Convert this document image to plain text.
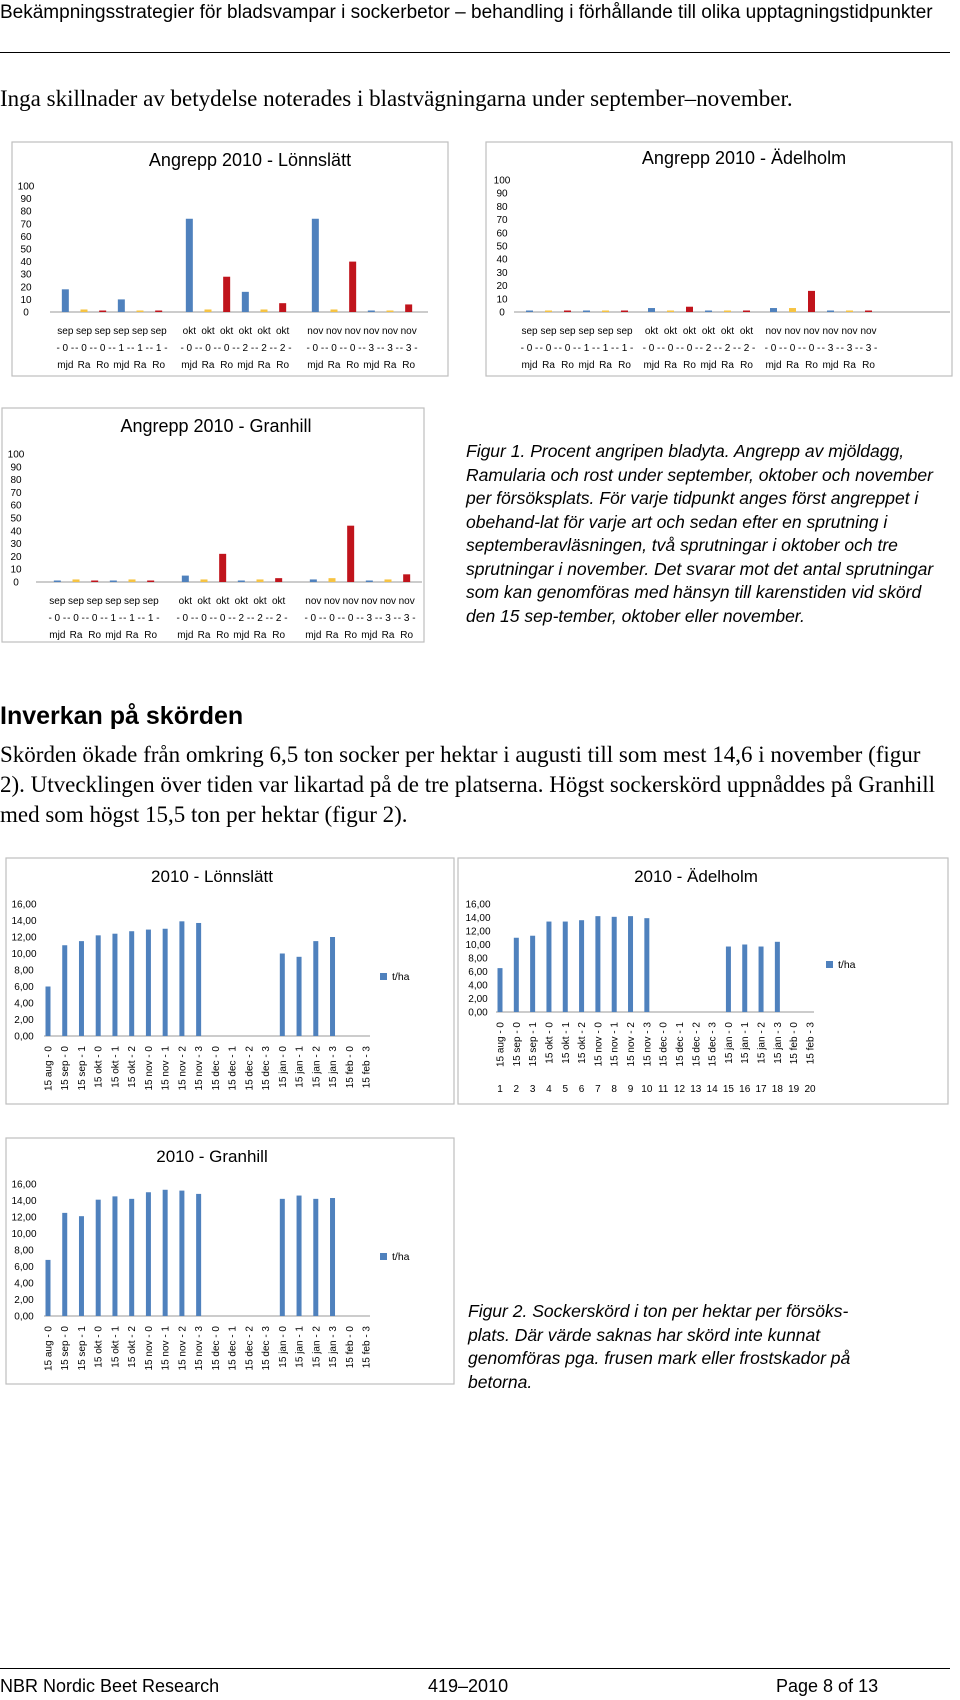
Bekämpningsstrategier för bladsvampar i sockerbetor – behandling i förhållande till olika upptagningstidpunkter
Inga skillnader av betydelse noterades i blastvägningarna under september–november.
Angrepp 2010 - Lönnslätt
100
90
80
70
60
50
40
30
20
10
0
sep sep sep sep sep sep
- 0 - - 0 - - 0 - - 1 - - 1 - - 1 -
mjd Ra Ro mjd Ra Ro
okt okt okt okt okt okt
- 0 - - 0 - - 0 - - 2 - - 2 - - 2 -
mjd Ra Ro mjd Ra Ro
nov nov nov nov nov nov
- 0 - - 0 - - 0 - - 3 - - 3 - - 3 -
mjd Ra Ro mjd Ra Ro
Angrepp 2010 - Ädelholm
100
90
80
70
60
50
40
30
20
10
0
sep sep sep sep sep sep
- 0 - - 0 - - 0 - - 1 - - 1 - - 1 -
mjd Ra Ro mjd Ra Ro
okt okt okt okt okt okt
- 0 - - 0 - - 0 - - 2 - - 2 - - 2 -
mjd Ra Ro mjd Ra Ro
nov nov nov nov nov nov
- 0 - - 0 - - 0 - - 3 - - 3 - - 3 -
mjd Ra Ro mjd Ra Ro
Angrepp 2010 - Granhill
100
90
80
70
60
50
40
30
20
10
0
sep sep sep sep sep sep
- 0 - - 0 - - 0 - - 1 - - 1 - - 1 -
mjd Ra Ro mjd Ra Ro
okt okt okt okt okt okt
- 0 - - 0 - - 0 - - 2 - - 2 - - 2 -
mjd Ra Ro mjd Ra Ro
nov nov nov nov nov nov
- 0 - - 0 - - 0 - - 3 - - 3 - - 3 -
mjd Ra Ro mjd Ra Ro
Figur 1. Procent angripen bladyta. Angrepp av mjöldagg, Ramularia och rost under september, oktober och november per försöksplats. För varje tidpunkt anges först angreppet i obehand-lat för varje art och sedan efter en sprutning i septemberavläsningen, två sprutningar i oktober och tre sprutningar i november. Det svarar mot det antal sprutningar som kan genomföras med hänsyn till karenstiden vid skörd den 15 sep-tember, oktober eller november.
Inverkan på skörden
Skörden ökade från omkring 6,5 ton socker per hektar i augusti till som mest 14,6 i november (figur 2). Utvecklingen över tiden var likartad på de tre platserna. Högst sockerskörd uppnåddes på Granhill med som högst 15,5 ton per hektar (figur 2).
2010 - Lönnslätt
16,00
14,00
12,00
10,00
8,00
6,00
4,00
2,00
0,00
15 aug - 0 15 sep - 0 15 sep - 1 15 okt - 0 15 okt - 1 15 okt - 2 15 nov - 0 15 nov - 1 15 nov - 2 15 nov - 3 15 dec - 0 15 dec - 1 15 dec - 2 15 dec - 3 15 jan - 0 15 jan - 1 15 jan - 2 15 jan - 3 15 feb - 0 15 feb - 3
t/ha
2010 - Ädelholm
16,00
14,00
12,00
10,00
8,00
6,00
4,00
2,00
0,00
15 aug - 0
1
15 sep - 0
2
15 sep - 1
3
15 okt - 0
4
15 okt - 1
5
15 okt - 2
6
15 nov - 0
7
15 nov - 1
8
15 nov - 2
9
15 nov - 3
10
15 dec - 0
11
15 dec - 1
12
15 dec - 2
13
15 dec - 3
14
15 jan - 0
15
15 jan - 1
16
15 jan - 2
17
15 jan - 3
18
15 feb - 0
19
15 feb - 3
20
t/ha
2010 - Granhill
16,00
14,00
12,00
10,00
8,00
6,00
4,00
2,00
0,00
15 aug - 0 15 sep - 0 15 sep - 1 15 okt - 0 15 okt - 1 15 okt - 2 15 nov - 0 15 nov - 1 15 nov - 2 15 nov - 3 15 dec - 0 15 dec - 1 15 dec - 2 15 dec - 3 15 jan - 0 15 jan - 1 15 jan - 2 15 jan - 3 15 feb - 0 15 feb - 3
t/ha
Figur 2. Sockerskörd i ton per hektar per försöks-plats. Där värde saknas har skörd inte kunnat genomföras pga. frusen mark eller frostskador på betorna.
NBR Nordic Beet Research	419–2010	Page 8 of 13
